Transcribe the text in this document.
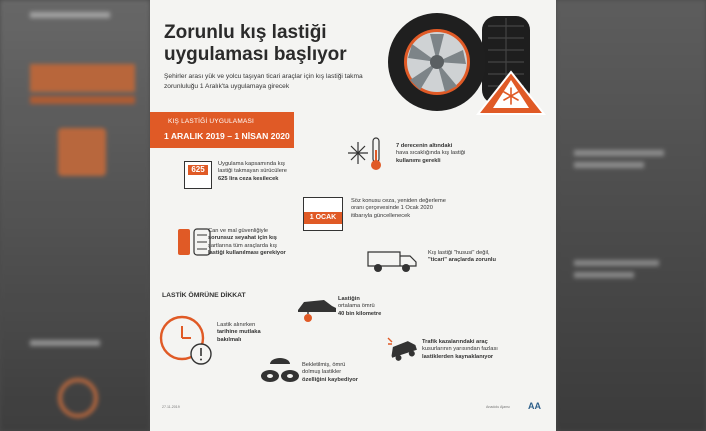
Zorunlu kış lastiği
uygulaması başlıyor
Şehirler arası yük ve yolcu taşıyan ticari araçlar için kış lastiği takma zorunluluğu 1 Aralık'ta uygulamaya girecek
KIŞ LASTİĞİ UYGULAMASI
1 ARALIK 2019 – 1 NİSAN 2020
7 derecenin altındaki
hava sıcaklığında kış lastiği
kullanımı gerekli
625
Uygulama kapsamında kış
lastiği takmayan sürücülere
625 lira ceza kesilecek
1 OCAK
Söz konusu ceza, yeniden değerleme
oranı çerçevesinde 1 Ocak 2020
itibarıyla güncellenecek
Can ve mal güvenliğiyle
sorunsuz seyahat için kış
şartlarına tüm araçlarda kış
lastiği kullanılması gerekiyor	Kış lastiği "hususi" değil,
"ticari" araçlarda zorunlu
LASTİK ÖMRÜNE DİKKAT	Lastiğin
ortalama ömrü
40 bin kilometre
Lastik alınırken
tarihine mutlaka
bakılmalı	Trafik kazalarındaki araç
kusurlarının yarısından fazlası
lastiklerden kaynaklanıyor
Bekletilmiş, ömrü
dolmuş lastikler
özelliğini kaybediyor
27.11.2019	Anadolu Ajansı AA
